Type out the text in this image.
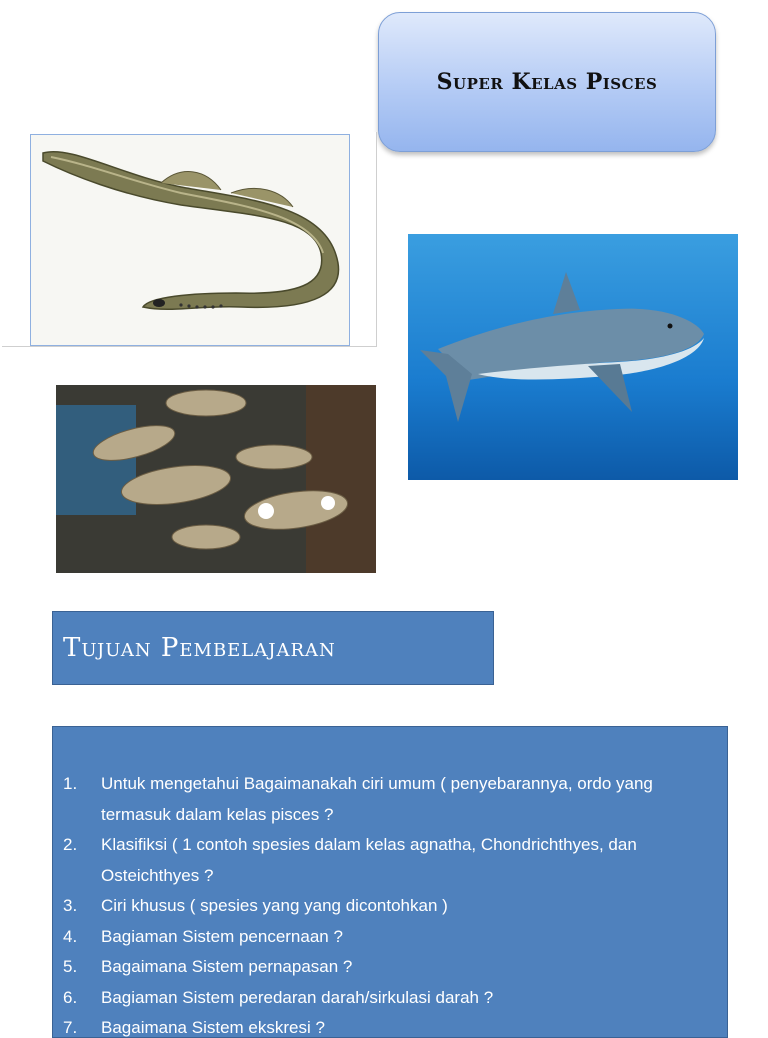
Super Kelas Pisces
Tujuan Pembelajaran
1.	Untuk mengetahui Bagaimanakah ciri umum ( penyebarannya, ordo yang termasuk dalam kelas pisces ?
2.	Klasifiksi ( 1 contoh spesies dalam kelas agnatha, Chondrichthyes, dan Osteichthyes ?
3.	Ciri khusus ( spesies yang yang dicontohkan )
4.	Bagiaman Sistem pencernaan ?
5.	Bagaimana Sistem pernapasan ?
6.	Bagiaman Sistem peredaran darah/sirkulasi darah ?
7.	Bagaimana Sistem ekskresi ?
